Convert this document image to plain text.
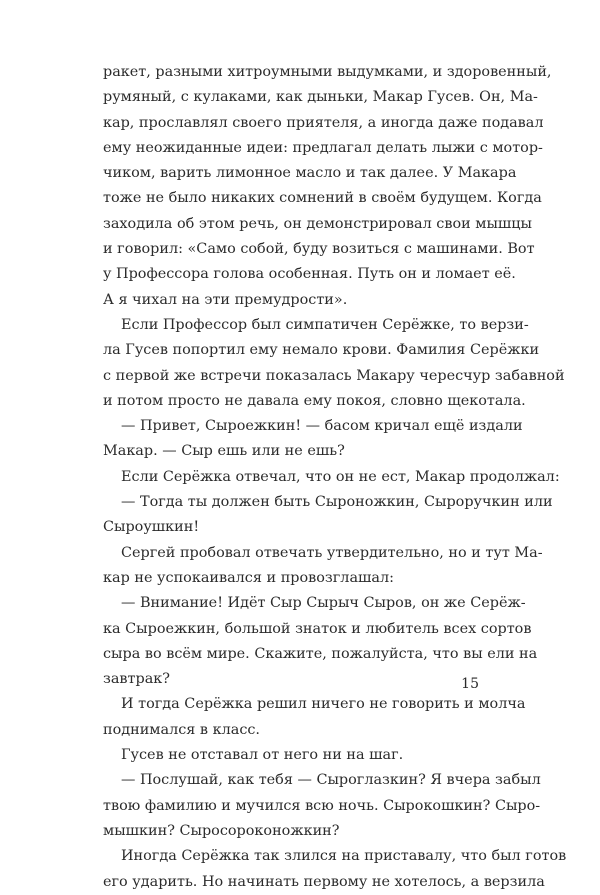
ракет, разными хитроумными выдумками, и здоровенный,
румяный, с кулаками, как дыньки, Макар Гусев. Он, Ма-
кар, прославлял своего приятеля, а иногда даже подавал
ему неожиданные идеи: предлагал делать лыжи с мотор-
чиком, варить лимонное масло и так далее. У Макара
тоже не было никаких сомнений в своём будущем. Когда
заходила об этом речь, он демонстрировал свои мышцы
и говорил: «Само собой, буду возиться с машинами. Вот
у Профессора голова особенная. Путь он и ломает её.
А я чихал на эти премудрости».
Если Профессор был симпатичен Серёжке, то верзи-
ла Гусев попортил ему немало крови. Фамилия Серёжки
с первой же встречи показалась Макару чересчур забавной
и потом просто не давала ему покоя, словно щекотала.
— Привет, Сыроежкин! — басом кричал ещё издали
Макар. — Сыр ешь или не ешь?
Если Серёжка отвечал, что он не ест, Макар продолжал:
— Тогда ты должен быть Сыроножкин, Сыроручкин или
Сыроушкин!
Сергей пробовал отвечать утвердительно, но и тут Ма-
кар не успокаивался и провозглашал:
— Внимание! Идёт Сыр Сырыч Сыров, он же Серёж-
ка Сыроежкин, большой знаток и любитель всех сортов
сыра во всём мире. Скажите, пожалуйста, что вы ели на
завтрак?
И тогда Серёжка решил ничего не говорить и молча
поднимался в класс.
Гусев не отставал от него ни на шаг.
— Послушай, как тебя — Сыроглазкин? Я вчера забыл
твою фамилию и мучился всю ночь. Сырокошкин? Сыро-
мышкин? Сыросороконожкин?
Иногда Серёжка так злился на приставалу, что был готов
его ударить. Но начинать первому не хотелось, а верзила
15
